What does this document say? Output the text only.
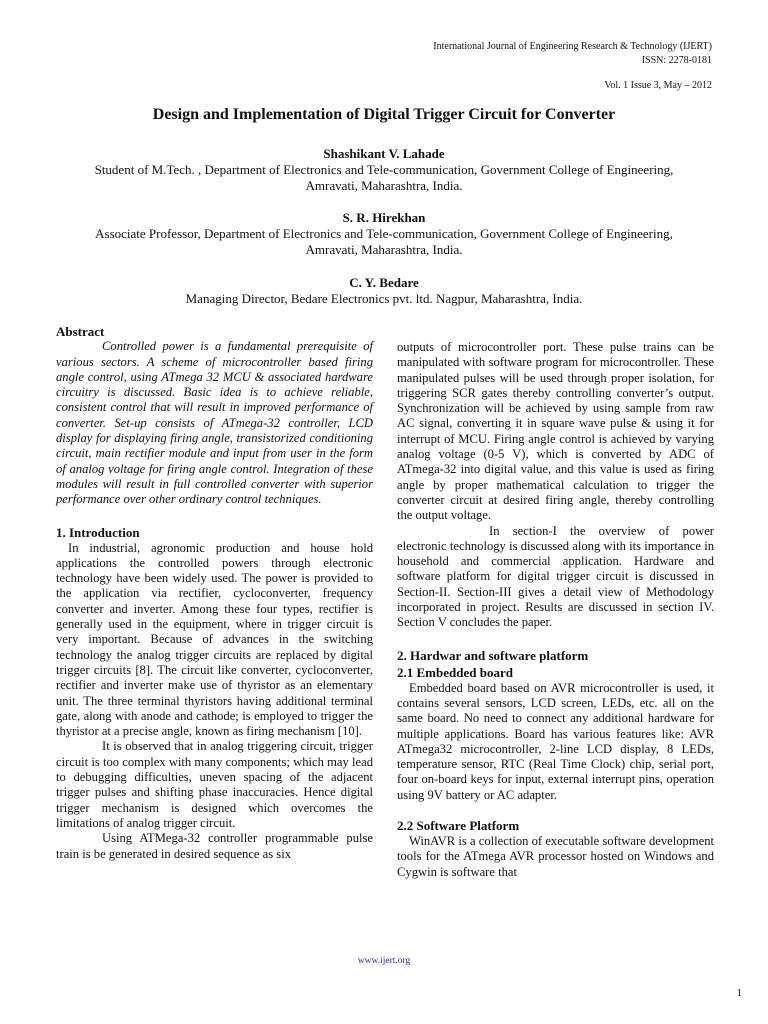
International Journal of Engineering Research & Technology (IJERT)
ISSN: 2278-0181
Vol. 1 Issue 3, May – 2012
Design and Implementation of Digital Trigger Circuit for Converter
Shashikant V. Lahade
Student of M.Tech. , Department of Electronics and Tele-communication, Government College of Engineering, Amravati, Maharashtra, India.
S. R. Hirekhan
Associate Professor, Department of Electronics and Tele-communication, Government College of Engineering, Amravati, Maharashtra, India.
C. Y. Bedare
Managing Director, Bedare Electronics pvt. ltd. Nagpur, Maharashtra, India.
Abstract

Controlled power is a fundamental prerequisite of various sectors. A scheme of microcontroller based firing angle control, using ATmega 32 MCU & associated hardware circuitry is discussed. Basic idea is to achieve reliable, consistent control that will result in improved performance of converter. Set-up consists of ATmega-32 controller, LCD display for displaying firing angle, transistorized conditioning circuit, main rectifier module and input from user in the form of analog voltage for firing angle control. Integration of these modules will result in full controlled converter with superior performance over other ordinary control techniques.

1. Introduction

In industrial, agronomic production and house hold applications the controlled powers through electronic technology have been widely used. The power is provided to the application via rectifier, cycloconverter, frequency converter and inverter. Among these four types, rectifier is generally used in the equipment, where in trigger circuit is very important. Because of advances in the switching technology the analog trigger circuits are replaced by digital trigger circuits [8]. The circuit like converter, cycloconverter, rectifier and inverter make use of thyristor as an elementary unit. The three terminal thyristors having additional terminal gate, along with anode and cathode; is employed to trigger the thyristor at a precise angle, known as firing mechanism [10].

It is observed that in analog triggering circuit, trigger circuit is too complex with many components; which may lead to debugging difficulties, uneven spacing of the adjacent trigger pulses and shifting phase inaccuracies. Hence digital trigger mechanism is designed which overcomes the limitations of analog trigger circuit.

Using ATMega-32 controller programmable pulse train is be generated in desired sequence as six

outputs of microcontroller port. These pulse trains can be manipulated with software program for microcontroller. These manipulated pulses will be used through proper isolation, for triggering SCR gates thereby controlling converter’s output. Synchronization will be achieved by using sample from raw AC signal, converting it in square wave pulse & using it for interrupt of MCU. Firing angle control is achieved by varying analog voltage (0-5 V), which is converted by ADC of ATmega-32 into digital value, and this value is used as firing angle by proper mathematical calculation to trigger the converter circuit at desired firing angle, thereby controlling the output voltage.

In section-I the overview of power electronic technology is discussed along with its importance in household and commercial application. Hardware and software platform for digital trigger circuit is discussed in Section-II. Section-III gives a detail view of Methodology incorporated in project. Results are discussed in section IV. Section V concludes the paper.

2. Hardwar and software platform
2.1 Embedded board

Embedded board based on AVR microcontroller is used, it contains several sensors, LCD screen, LEDs, etc. all on the same board. No need to connect any additional hardware for multiple applications. Board has various features like: AVR ATmega32 microcontroller, 2-line LCD display, 8 LEDs, temperature sensor, RTC (Real Time Clock) chip, serial port, four on-board keys for input, external interrupt pins, operation using 9V battery or AC adapter.

2.2 Software Platform

WinAVR is a collection of executable software development tools for the ATmega AVR processor hosted on Windows and Cygwin is software that

www.ijert.org
1
